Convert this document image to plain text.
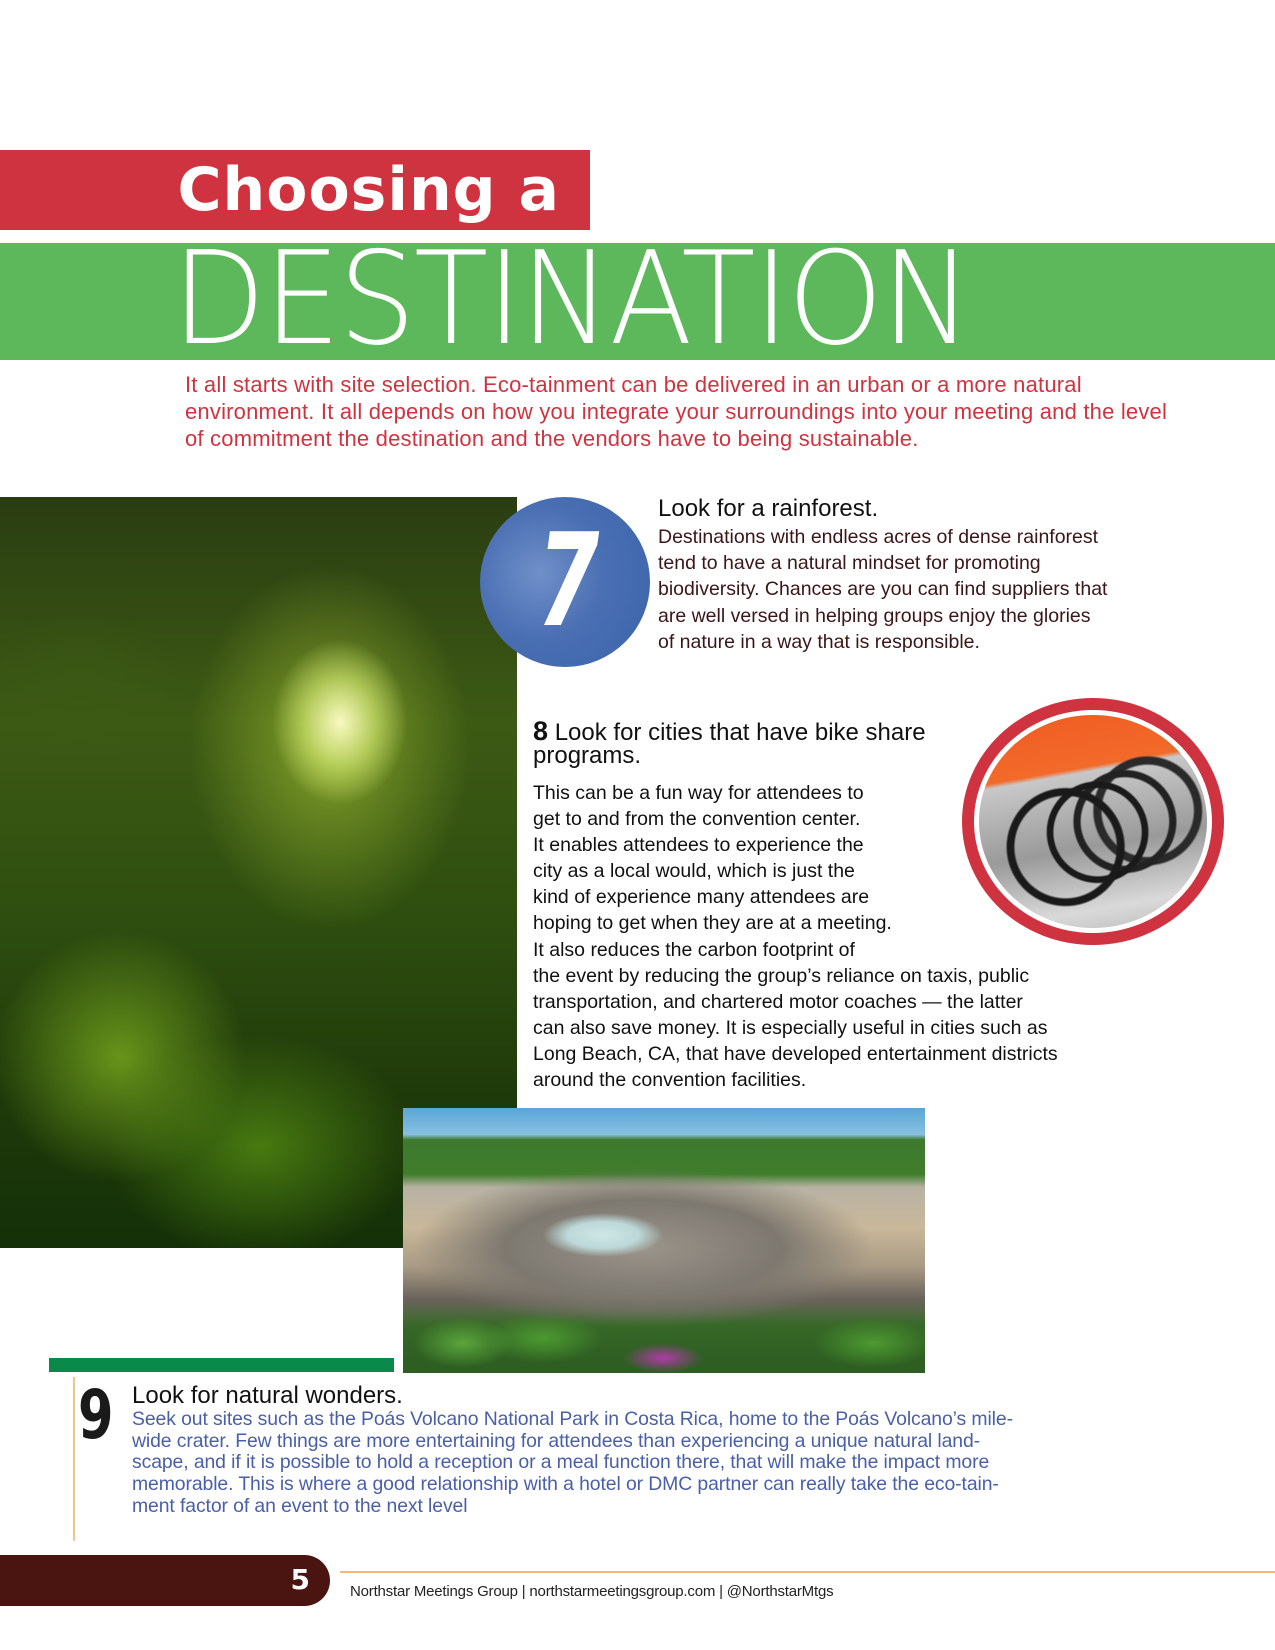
Choosing a
DESTINATION

It all starts with site selection. Eco-tainment can be delivered in an urban or a more natural environment. It all depends on how you integrate your surroundings into your meeting and the level of commitment the destination and the vendors have to being sustainable.

7 Look for a rainforest.

Destinations with endless acres of dense rainforest tend to have a natural mindset for promoting biodiversity. Chances are you can find suppliers that are well versed in helping groups enjoy the glories of nature in a way that is responsible.

8 Look for cities that have bike share programs.
This can be a fun way for attendees to
get to and from the convention center.
It enables attendees to experience the
city as a local would, which is just the
kind of experience many attendees are
hoping to get when they are at a meeting.
It also reduces the carbon footprint of
the event by reducing the group’s reliance on taxis, public
transportation, and chartered motor coaches — the latter
can also save money. It is especially useful in cities such as
Long Beach, CA, that have developed entertainment districts
around the convention facilities.
9 Look for natural wonders.
Seek out sites such as the Poás Volcano National Park in Costa Rica, home to the Poás Volcano’s mile-
wide crater. Few things are more entertaining for attendees than experiencing a unique natural land-
scape, and if it is possible to hold a reception or a meal function there, that will make the impact more
memorable. This is where a good relationship with a hotel or DMC partner can really take the eco-tain-
ment factor of an event to the next level
5	Northstar Meetings Group | northstarmeetingsgroup.com | @NorthstarMtgs
